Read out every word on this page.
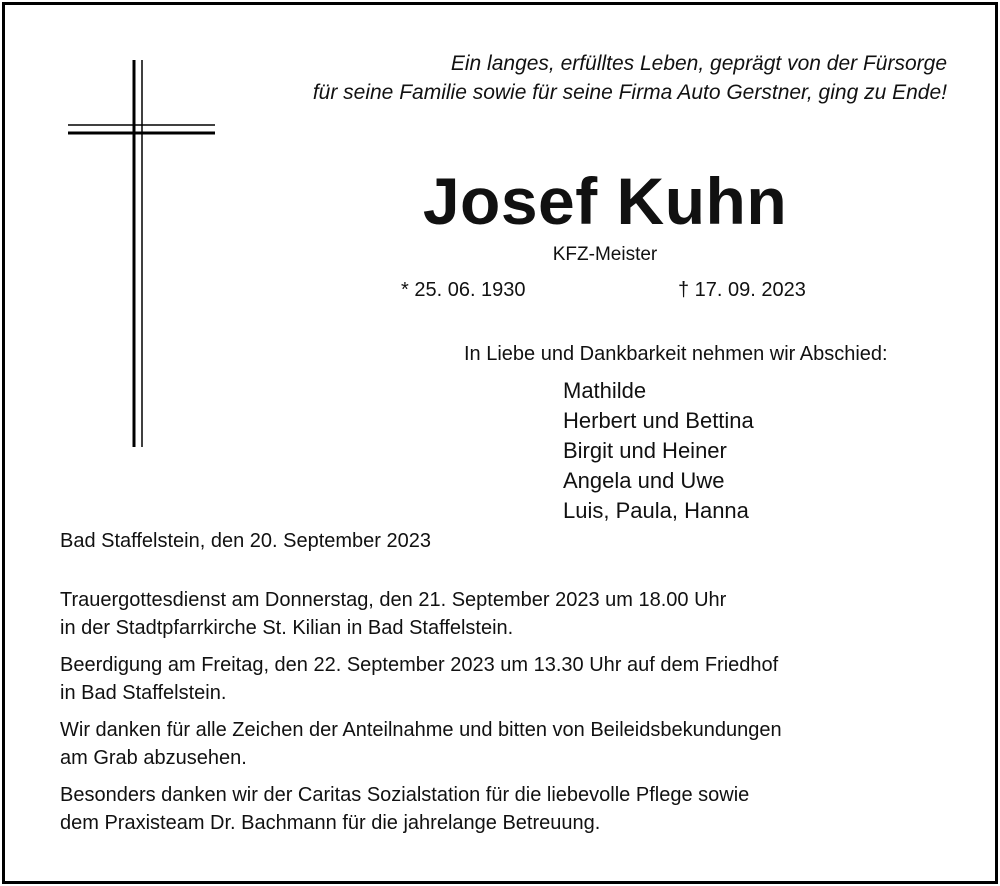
Ein langes, erfülltes Leben, geprägt von der Fürsorge
für seine Familie sowie für seine Firma Auto Gerstner, ging zu Ende!
Josef Kuhn
KFZ-Meister
* 25. 06. 1930	† 17. 09. 2023
In Liebe und Dankbarkeit nehmen wir Abschied:
Mathilde
Herbert und Bettina
Birgit und Heiner
Angela und Uwe
Luis, Paula, Hanna
Bad Staffelstein, den 20. September 2023

Trauergottesdienst am Donnerstag, den 21. September 2023 um 18.00 Uhr
in der Stadtpfarrkirche St. Kilian in Bad Staffelstein.

Beerdigung am Freitag, den 22. September 2023 um 13.30 Uhr auf dem Friedhof
in Bad Staffelstein.

Wir danken für alle Zeichen der Anteilnahme und bitten von Beileidsbekundungen
am Grab abzusehen.

Besonders danken wir der Caritas Sozialstation für die liebevolle Pflege sowie
dem Praxisteam Dr. Bachmann für die jahrelange Betreuung.
